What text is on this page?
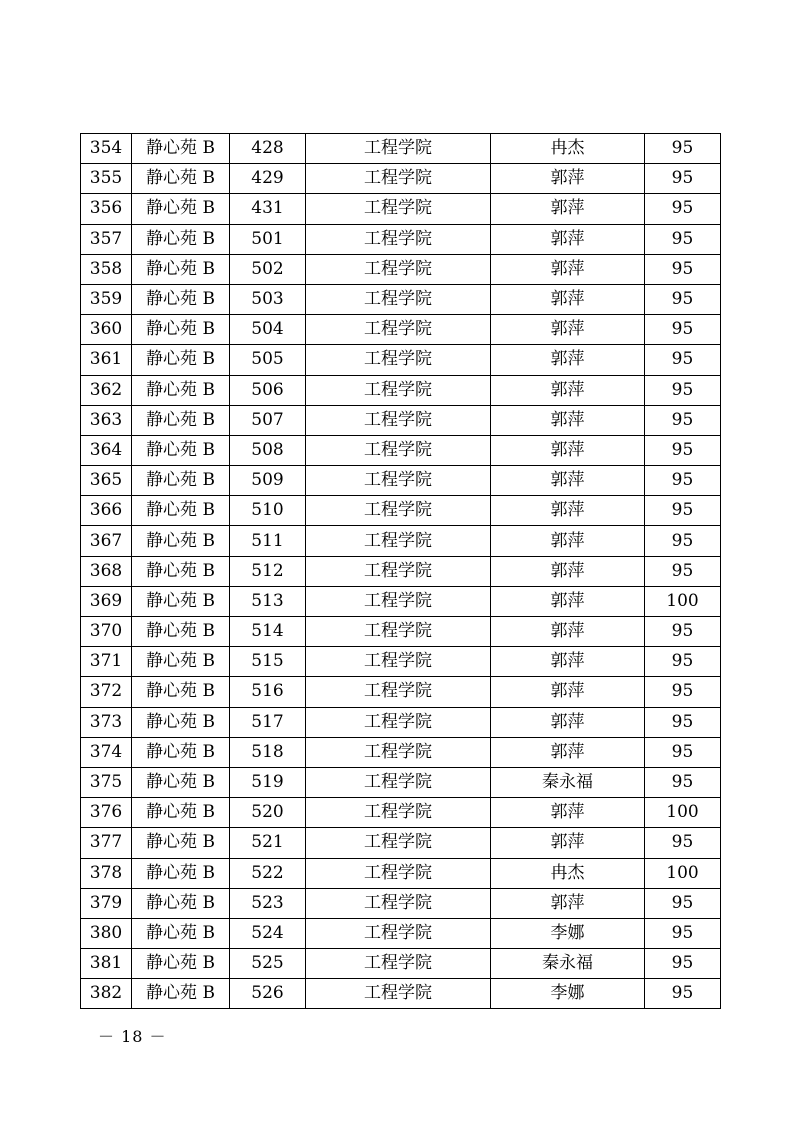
354	静心苑 B	428	工程学院	冉杰	95
355	静心苑 B	429	工程学院	郭萍	95
356	静心苑 B	431	工程学院	郭萍	95
357	静心苑 B	501	工程学院	郭萍	95
358	静心苑 B	502	工程学院	郭萍	95
359	静心苑 B	503	工程学院	郭萍	95
360	静心苑 B	504	工程学院	郭萍	95
361	静心苑 B	505	工程学院	郭萍	95
362	静心苑 B	506	工程学院	郭萍	95
363	静心苑 B	507	工程学院	郭萍	95
364	静心苑 B	508	工程学院	郭萍	95
365	静心苑 B	509	工程学院	郭萍	95
366	静心苑 B	510	工程学院	郭萍	95
367	静心苑 B	511	工程学院	郭萍	95
368	静心苑 B	512	工程学院	郭萍	95
369	静心苑 B	513	工程学院	郭萍	100
370	静心苑 B	514	工程学院	郭萍	95
371	静心苑 B	515	工程学院	郭萍	95
372	静心苑 B	516	工程学院	郭萍	95
373	静心苑 B	517	工程学院	郭萍	95
374	静心苑 B	518	工程学院	郭萍	95
375	静心苑 B	519	工程学院	秦永福	95
376	静心苑 B	520	工程学院	郭萍	100
377	静心苑 B	521	工程学院	郭萍	95
378	静心苑 B	522	工程学院	冉杰	100
379	静心苑 B	523	工程学院	郭萍	95
380	静心苑 B	524	工程学院	李娜	95
381	静心苑 B	525	工程学院	秦永福	95
382	静心苑 B	526	工程学院	李娜	95
－ 18 －
